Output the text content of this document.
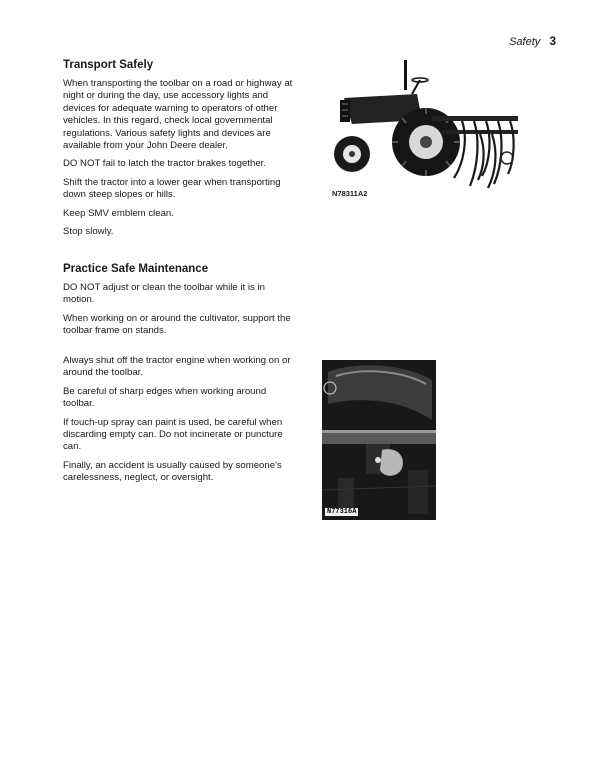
Safety 3
Transport Safely

When transporting the toolbar on a road or highway at night or during the day, use accessory lights and devices for adequate warning to operators of other vehicles. In this regard, check local governmental regulations. Various safety lights and devices are available from your John Deere dealer.

DO NOT fail to latch the tractor brakes together.

Shift the tractor into a lower gear when transporting down steep slopes or hills.

Keep SMV emblem clean.

Stop slowly.

Practice Safe Maintenance

DO NOT adjust or clean the toolbar while it is in motion.

When working on or around the cultivator, support the toolbar frame on stands.

Always shut off the tractor engine when working on or around the toolbar.

Be careful of sharp edges when working around toolbar.

If touch-up spray can paint is used, be careful when discarding empty can. Do not incinerate or puncture can.

Finally, an accident is usually caused by someone's carelessness, neglect, or oversight.

N78311A2
N77316A
